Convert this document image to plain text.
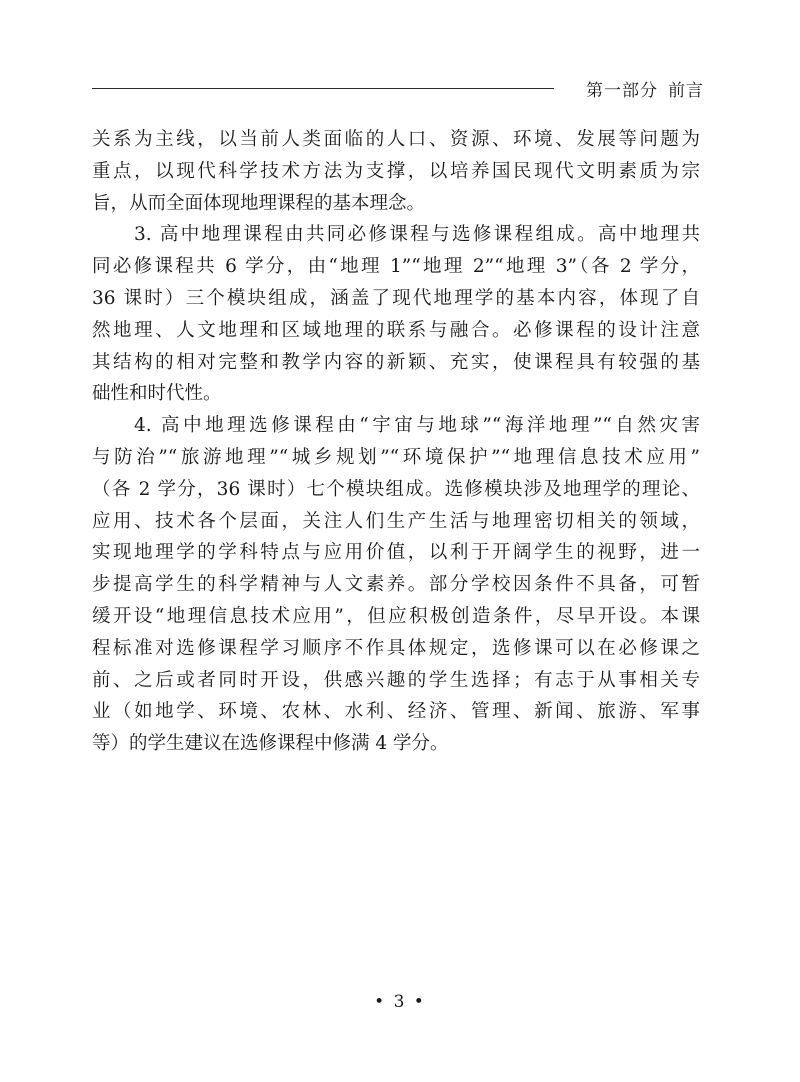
第一部分 前言
关系为主线，以当前人类面临的人口、资源、环境、发展等问题为
重点，以现代科学技术方法为支撑，以培养国民现代文明素质为宗
旨，从而全面体现地理课程的基本理念。
3. 高中地理课程由共同必修课程与选修课程组成。高中地理共
同必修课程共 6 学分，由“地理 1”“地理 2”“地理 3”（各 2 学分，
36 课时）三个模块组成，涵盖了现代地理学的基本内容，体现了自
然地理、人文地理和区域地理的联系与融合。必修课程的设计注意
其结构的相对完整和教学内容的新颖、充实，使课程具有较强的基
础性和时代性。
4. 高中地理选修课程由“宇宙与地球”“海洋地理”“自然灾害
与防治”“旅游地理”“城乡规划”“环境保护”“地理信息技术应用”
（各 2 学分，36 课时）七个模块组成。选修模块涉及地理学的理论、
应用、技术各个层面，关注人们生产生活与地理密切相关的领域，
实现地理学的学科特点与应用价值，以利于开阔学生的视野，进一
步提高学生的科学精神与人文素养。部分学校因条件不具备，可暂
缓开设“地理信息技术应用”，但应积极创造条件，尽早开设。本课
程标准对选修课程学习顺序不作具体规定，选修课可以在必修课之
前、之后或者同时开设，供感兴趣的学生选择；有志于从事相关专
业（如地学、环境、农林、水利、经济、管理、新闻、旅游、军事
等）的学生建议在选修课程中修满 4 学分。
• 3 •
